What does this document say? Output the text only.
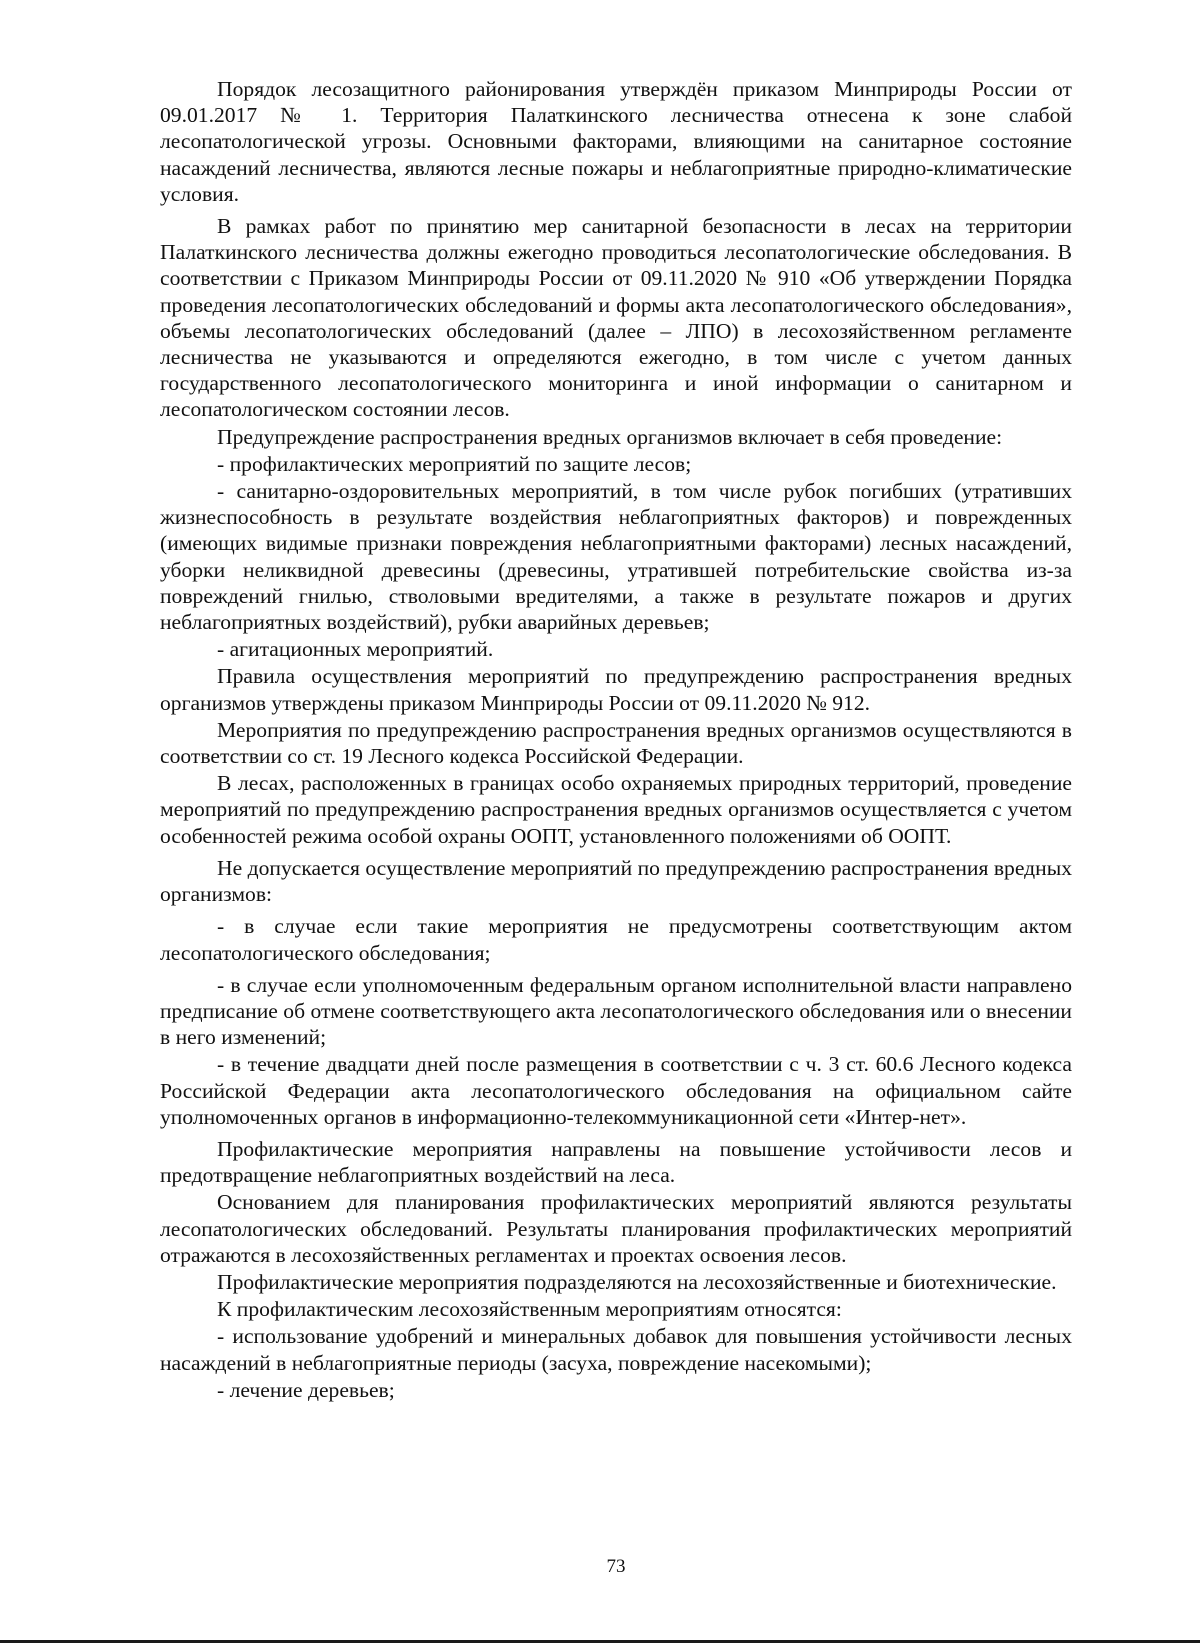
Порядок лесозащитного районирования утверждён приказом Минприроды России от 09.01.2017 № 1. Территория Палаткинского лесничества отнесена к зоне слабой лесопатологической угрозы. Основными факторами, влияющими на санитарное состояние насаждений лесничества, являются лесные пожары и неблагоприятные природно-климатические условия.

В рамках работ по принятию мер санитарной безопасности в лесах на территории Палаткинского лесничества должны ежегодно проводиться лесопатологические обследования. В соответствии с Приказом Минприроды России от 09.11.2020 № 910 «Об утверждении Порядка проведения лесопатологических обследований и формы акта лесопатологического обследования», объемы лесопатологических обследований (далее – ЛПО) в лесохозяйственном регламенте лесничества не указываются и определяются ежегодно, в том числе с учетом данных государственного лесопатологического мониторинга и иной информации о санитарном и лесопатологическом состоянии лесов.

Предупреждение распространения вредных организмов включает в себя проведение:

- профилактических мероприятий по защите лесов;

- санитарно-оздоровительных мероприятий, в том числе рубок погибших (утративших жизнеспособность в результате воздействия неблагоприятных факторов) и поврежденных (имеющих видимые признаки повреждения неблагоприятными факторами) лесных насаждений, уборки неликвидной древесины (древесины, утратившей потребительские свойства из-за повреждений гнилью, стволовыми вредителями, а также в результате пожаров и других неблагоприятных воздействий), рубки аварийных деревьев;

- агитационных мероприятий.

Правила осуществления мероприятий по предупреждению распространения вредных организмов утверждены приказом Минприроды России от 09.11.2020 № 912.

Мероприятия по предупреждению распространения вредных организмов осуществляются в соответствии со ст. 19 Лесного кодекса Российской Федерации.

В лесах, расположенных в границах особо охраняемых природных территорий, проведение мероприятий по предупреждению распространения вредных организмов осуществляется с учетом особенностей режима особой охраны ООПТ, установленного положениями об ООПТ.

Не допускается осуществление мероприятий по предупреждению распространения вредных организмов:

- в случае если такие мероприятия не предусмотрены соответствующим актом лесопатологического обследования;

- в случае если уполномоченным федеральным органом исполнительной власти направлено предписание об отмене соответствующего акта лесопатологического обследования или о внесении в него изменений;

- в течение двадцати дней после размещения в соответствии с ч. 3 ст. 60.6 Лесного кодекса Российской Федерации акта лесопатологического обследования на официальном сайте уполномоченных органов в информационно-телекоммуникационной сети «Интер-нет».

Профилактические мероприятия направлены на повышение устойчивости лесов и предотвращение неблагоприятных воздействий на леса.

Основанием для планирования профилактических мероприятий являются результаты лесопатологических обследований. Результаты планирования профилактических мероприятий отражаются в лесохозяйственных регламентах и проектах освоения лесов.

Профилактические мероприятия подразделяются на лесохозяйственные и биотехнические.

К профилактическим лесохозяйственным мероприятиям относятся:

- использование удобрений и минеральных добавок для повышения устойчивости лесных насаждений в неблагоприятные периоды (засуха, повреждение насекомыми);

- лечение деревьев;

73
